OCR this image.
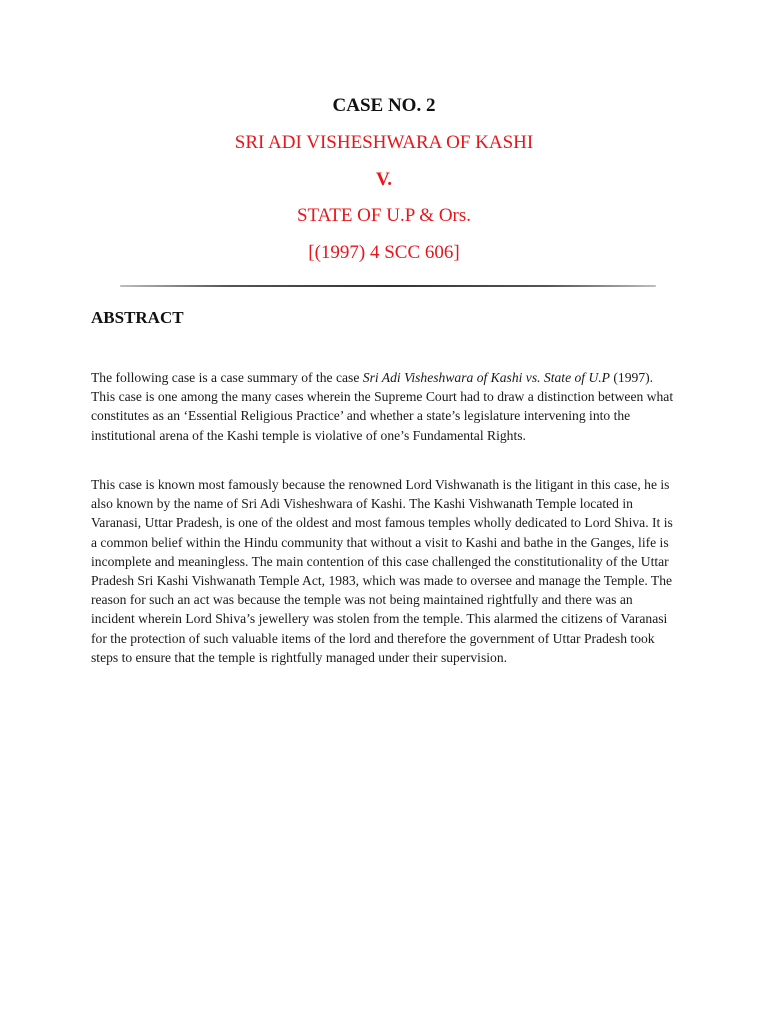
CASE NO. 2
SRI ADI VISHESHWARA OF KASHI
V.
STATE OF U.P & Ors.
[(1997) 4 SCC 606]
ABSTRACT

The following case is a case summary of the case Sri Adi Visheshwara of Kashi vs. State of U.P (1997). This case is one among the many cases wherein the Supreme Court had to draw a distinction between what constitutes as an ‘Essential Religious Practice’ and whether a state’s legislature intervening into the institutional arena of the Kashi temple is violative of one’s Fundamental Rights.

This case is known most famously because the renowned Lord Vishwanath is the litigant in this case, he is also known by the name of Sri Adi Visheshwara of Kashi. The Kashi Vishwanath Temple located in Varanasi, Uttar Pradesh, is one of the oldest and most famous temples wholly dedicated to Lord Shiva. It is a common belief within the Hindu community that without a visit to Kashi and bathe in the Ganges, life is incomplete and meaningless. The main contention of this case challenged the constitutionality of the Uttar Pradesh Sri Kashi Vishwanath Temple Act, 1983, which was made to oversee and manage the Temple. The reason for such an act was because the temple was not being maintained rightfully and there was an incident wherein Lord Shiva’s jewellery was stolen from the temple. This alarmed the citizens of Varanasi for the protection of such valuable items of the lord and therefore the government of Uttar Pradesh took steps to ensure that the temple is rightfully managed under their supervision.
